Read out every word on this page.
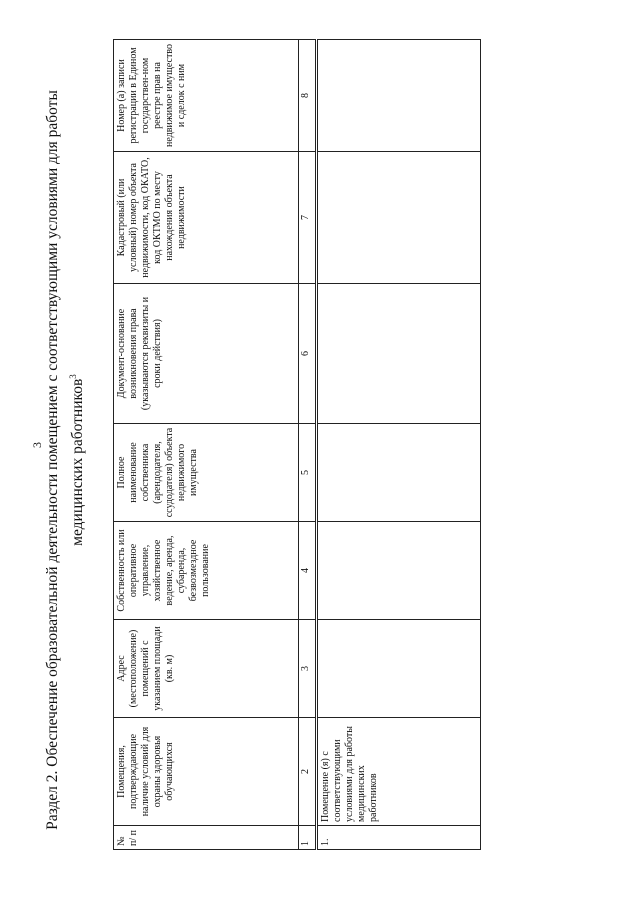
3 Раздел 2. Обеспечение образовательной деятельности помещением с соответствующими условиями для работы медицинских работников$^3$
№ п/ п	Помещения, подтверждающие наличие условий для охраны здоровья обучающихся	Адрес (местоположение) помещений с указанием площади (кв. м)	Собственность или оперативное управление, хозяйственное ведение, аренда, субаренда, безвозмездное пользование	Полное наименование собственника (арендодателя, ссудодателя) объекта недвижимого имущества	Документ-основание возникновения права (указываются реквизиты и сроки действия)	Кадастровый (или условный) номер объекта недвижимости, код ОКАТО, код ОКТМО по месту нахождения объекта недвижимости	Номер (а) записи регистрации в Едином государствен-ном реестре прав на недвижимое имущество и сделок с ним
1	2	3	4	5	6	7	8
1.	Помещение (я) с соответствующими условиями для работы медицинских работников						
